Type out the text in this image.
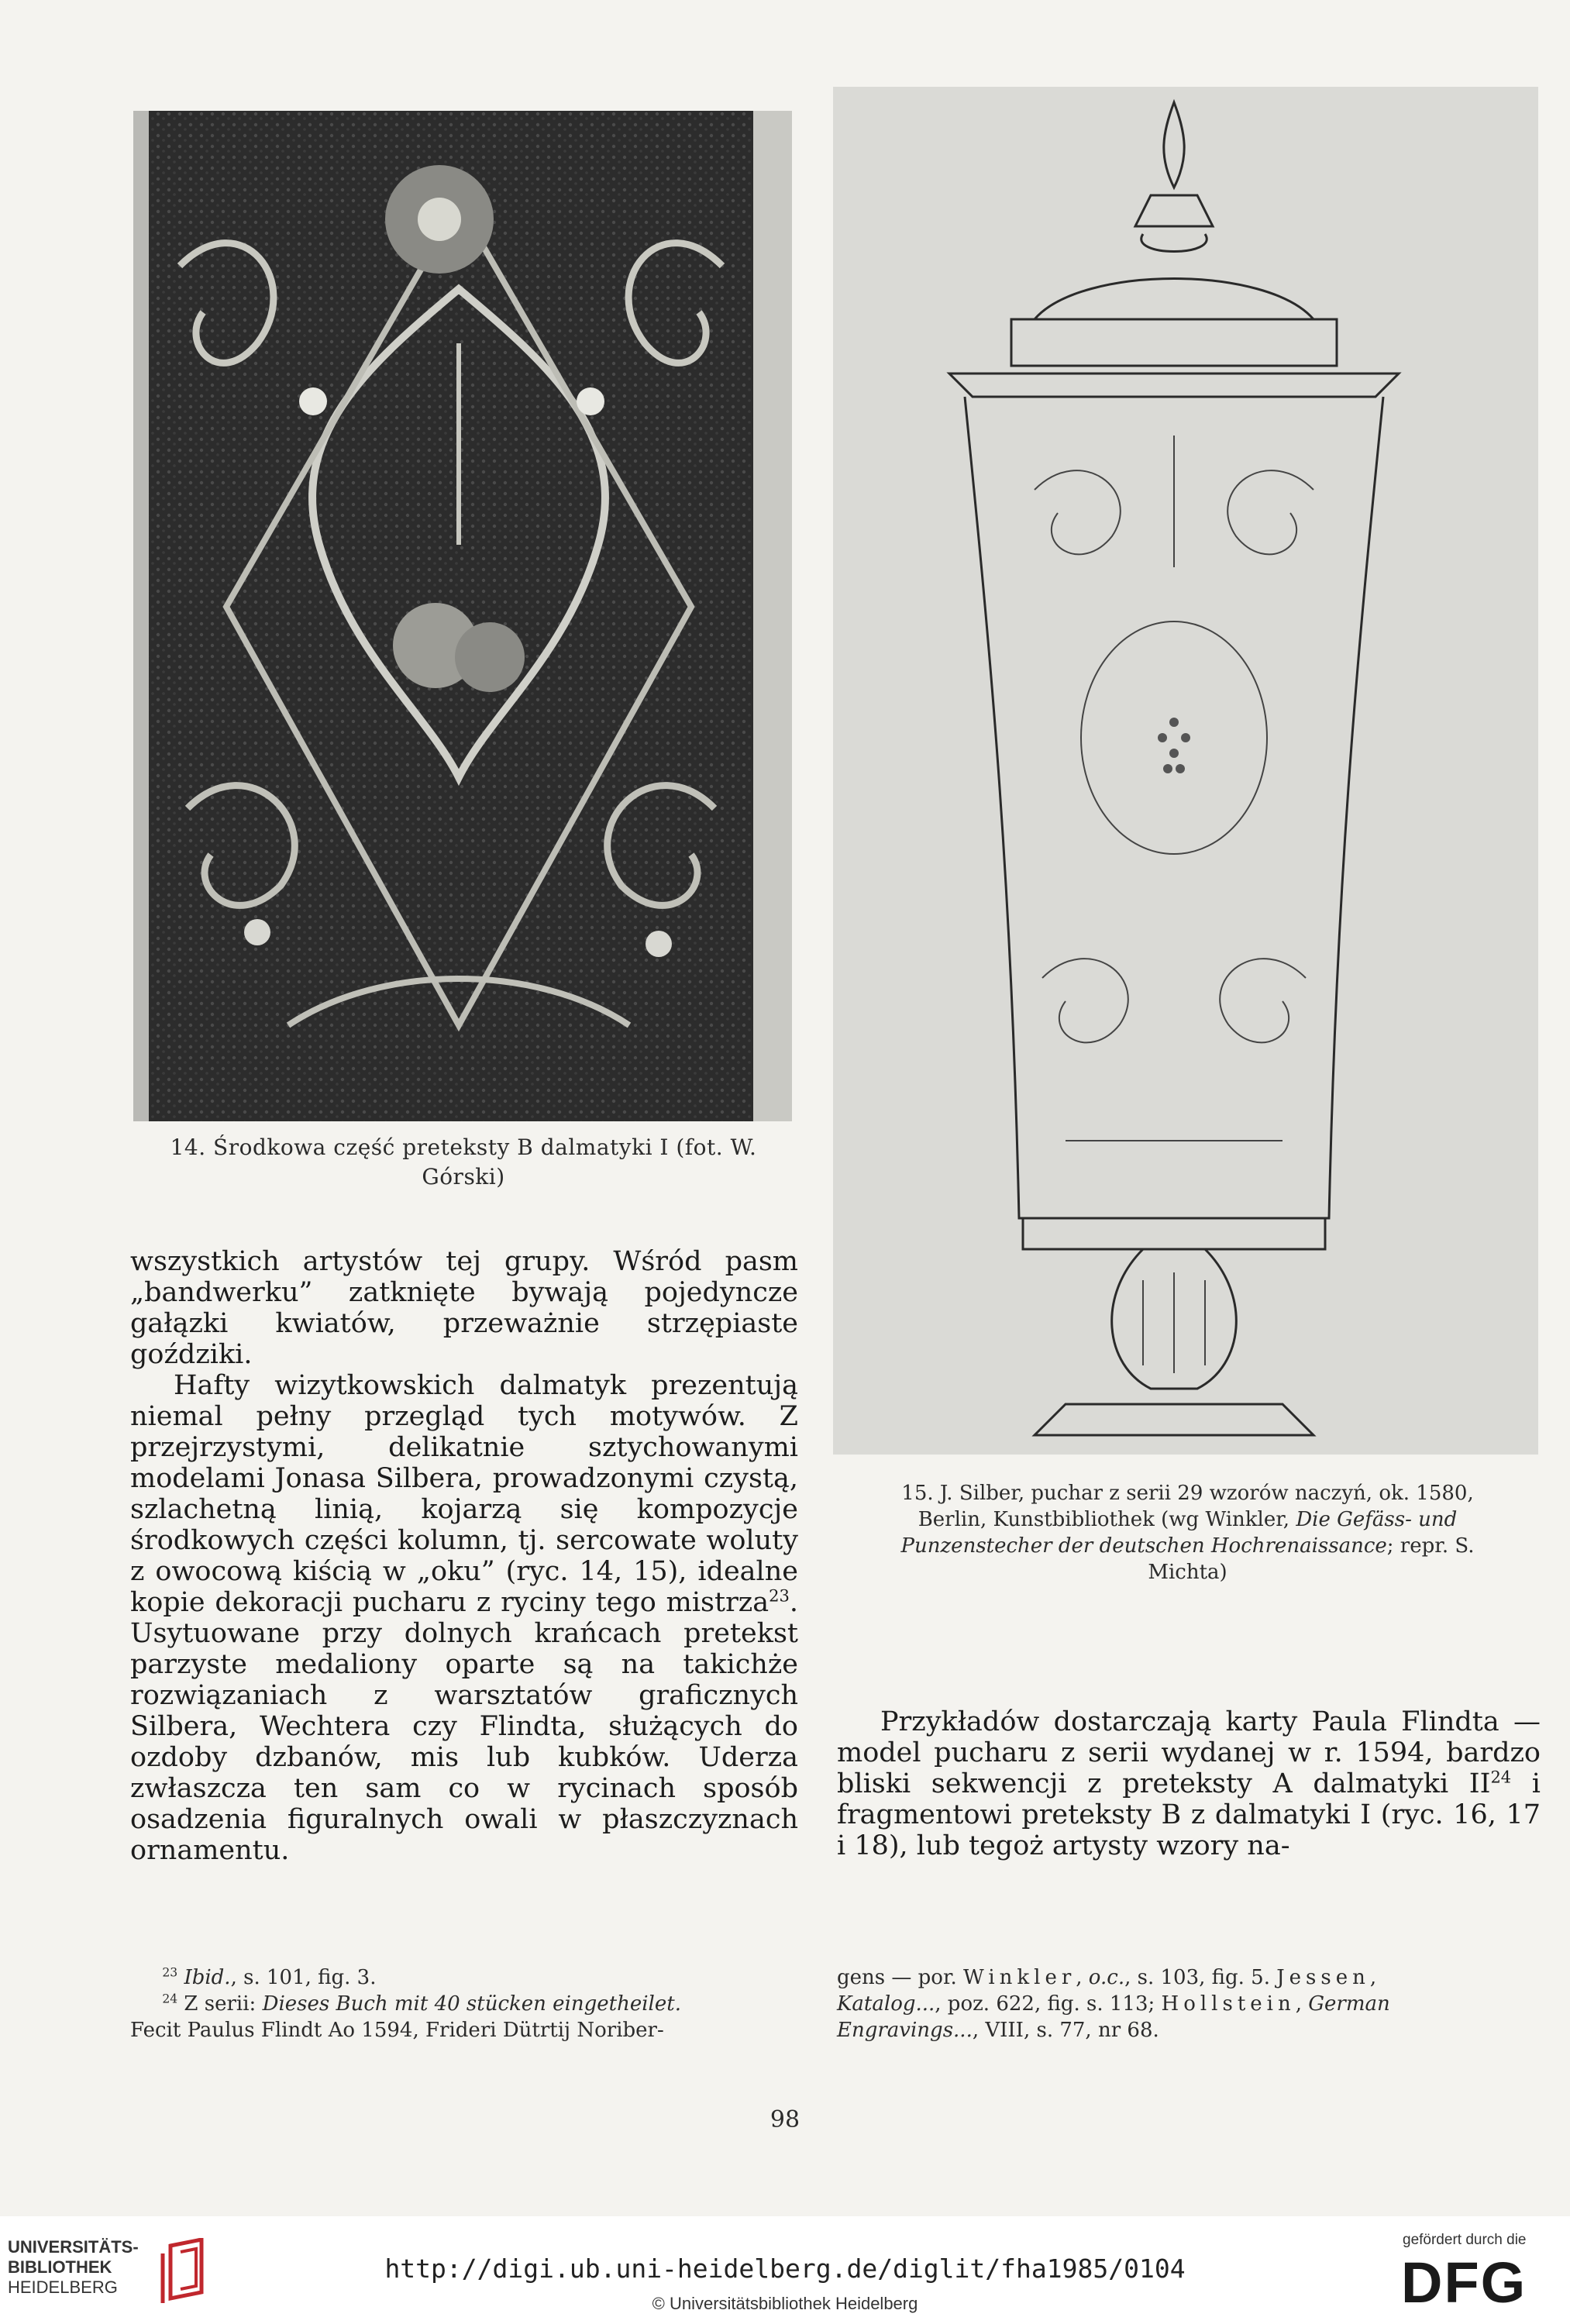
14. Środkowa część preteksty B dalmatyki I (fot. W. Górski)
15. J. Silber, puchar z serii 29 wzorów naczyń, ok. 1580,
Berlin, Kunstbibliothek (wg Winkler, Die Gefäss- und
Punzenstecher der deutschen Hochrenaissance; repr. S.
Michta)

wszystkich artystów tej grupy. Wśród pasm „bandwerku” zatknięte bywają pojedyncze gałązki kwiatów, przeważnie strzępiaste goździki.

Hafty wizytkowskich dalmatyk prezentują niemal pełny przegląd tych motywów. Z przejrzystymi, delikatnie sztychowanymi modelami Jonasa Silbera, prowadzonymi czystą, szlachetną linią, kojarzą się kompozycje środkowych części kolumn, tj. sercowate woluty z owocową kiścią w „oku” (ryc. 14, 15), idealne kopie dekoracji pucharu z ryciny tego mistrza$^{23}$. Usytuowane przy dolnych krańcach pretekst parzyste medaliony oparte są na takichże rozwiązaniach z warsztatów graficznych Silbera, Wechtera czy Flindta, służących do ozdoby dzbanów, mis lub kubków. Uderza zwłaszcza ten sam co w rycinach sposób osadzenia figuralnych owali w płaszczyznach ornamentu.

Przykładów dostarczają karty Paula Flindta — model pucharu z serii wydanej w r. 1594, bardzo bliski sekwencji z preteksty A dalmatyki II$^{24}$ i fragmentowi preteksty B z dalmatyki I (ryc. 16, 17 i 18), lub tegoż artysty wzory na-

$^{23}$ Ibid., s. 101, fig. 3.

$^{24}$ Z serii: Dieses Buch mit 40 stücken eingetheilet.

Fecit Paulus Flindt Ao 1594, Frideri Dütrtij Noriber-

gens — por. Winkler, o.c., s. 103, fig. 5. Jessen,

Katalog..., poz. 622, fig. s. 113; Hollstein, German

Engravings..., VIII, s. 77, nr 68.

98
UNIVERSITÄTS-
BIBLIOTHEK
HEIDELBERG
http://digi.ub.uni-heidelberg.de/diglit/fha1985/0104
© Universitätsbibliothek Heidelberg
gefördert durch die
DFG
